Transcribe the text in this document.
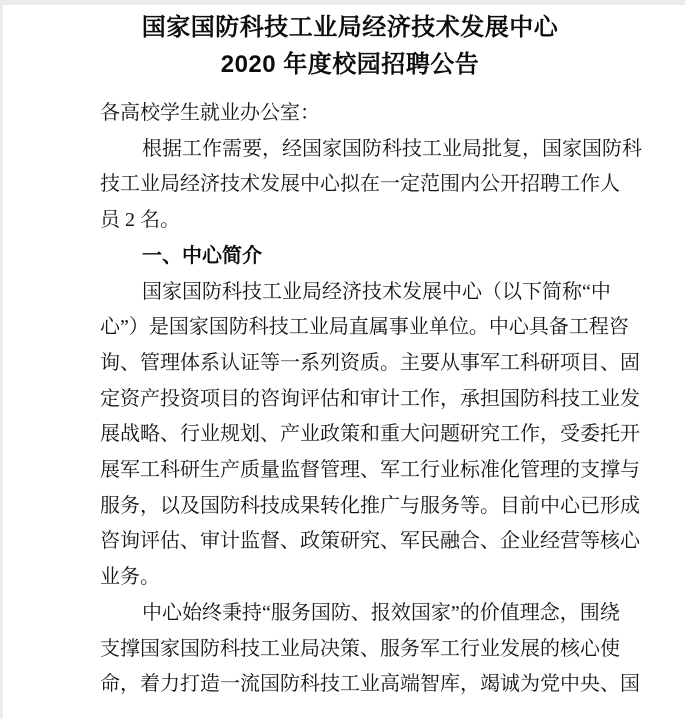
国家国防科技工业局经济技术发展中心
2020 年度校园招聘公告

各高校学生就业办公室：

根据工作需要，经国家国防科技工业局批复，国家国防科

技工业局经济技术发展中心拟在一定范围内公开招聘工作人

员 2 名。

一、中心简介

国家国防科技工业局经济技术发展中心（以下简称“中

心”）是国家国防科技工业局直属事业单位。中心具备工程咨

询、管理体系认证等一系列资质。主要从事军工科研项目、固

定资产投资项目的咨询评估和审计工作，承担国防科技工业发

展战略、行业规划、产业政策和重大问题研究工作，受委托开

展军工科研生产质量监督管理、军工行业标准化管理的支撑与

服务，以及国防科技成果转化推广与服务等。目前中心已形成

咨询评估、审计监督、政策研究、军民融合、企业经营等核心

业务。

中心始终秉持“服务国防、报效国家”的价值理念，围绕

支撑国家国防科技工业局决策、服务军工行业发展的核心使

命，着力打造一流国防科技工业高端智库，竭诚为党中央、国
